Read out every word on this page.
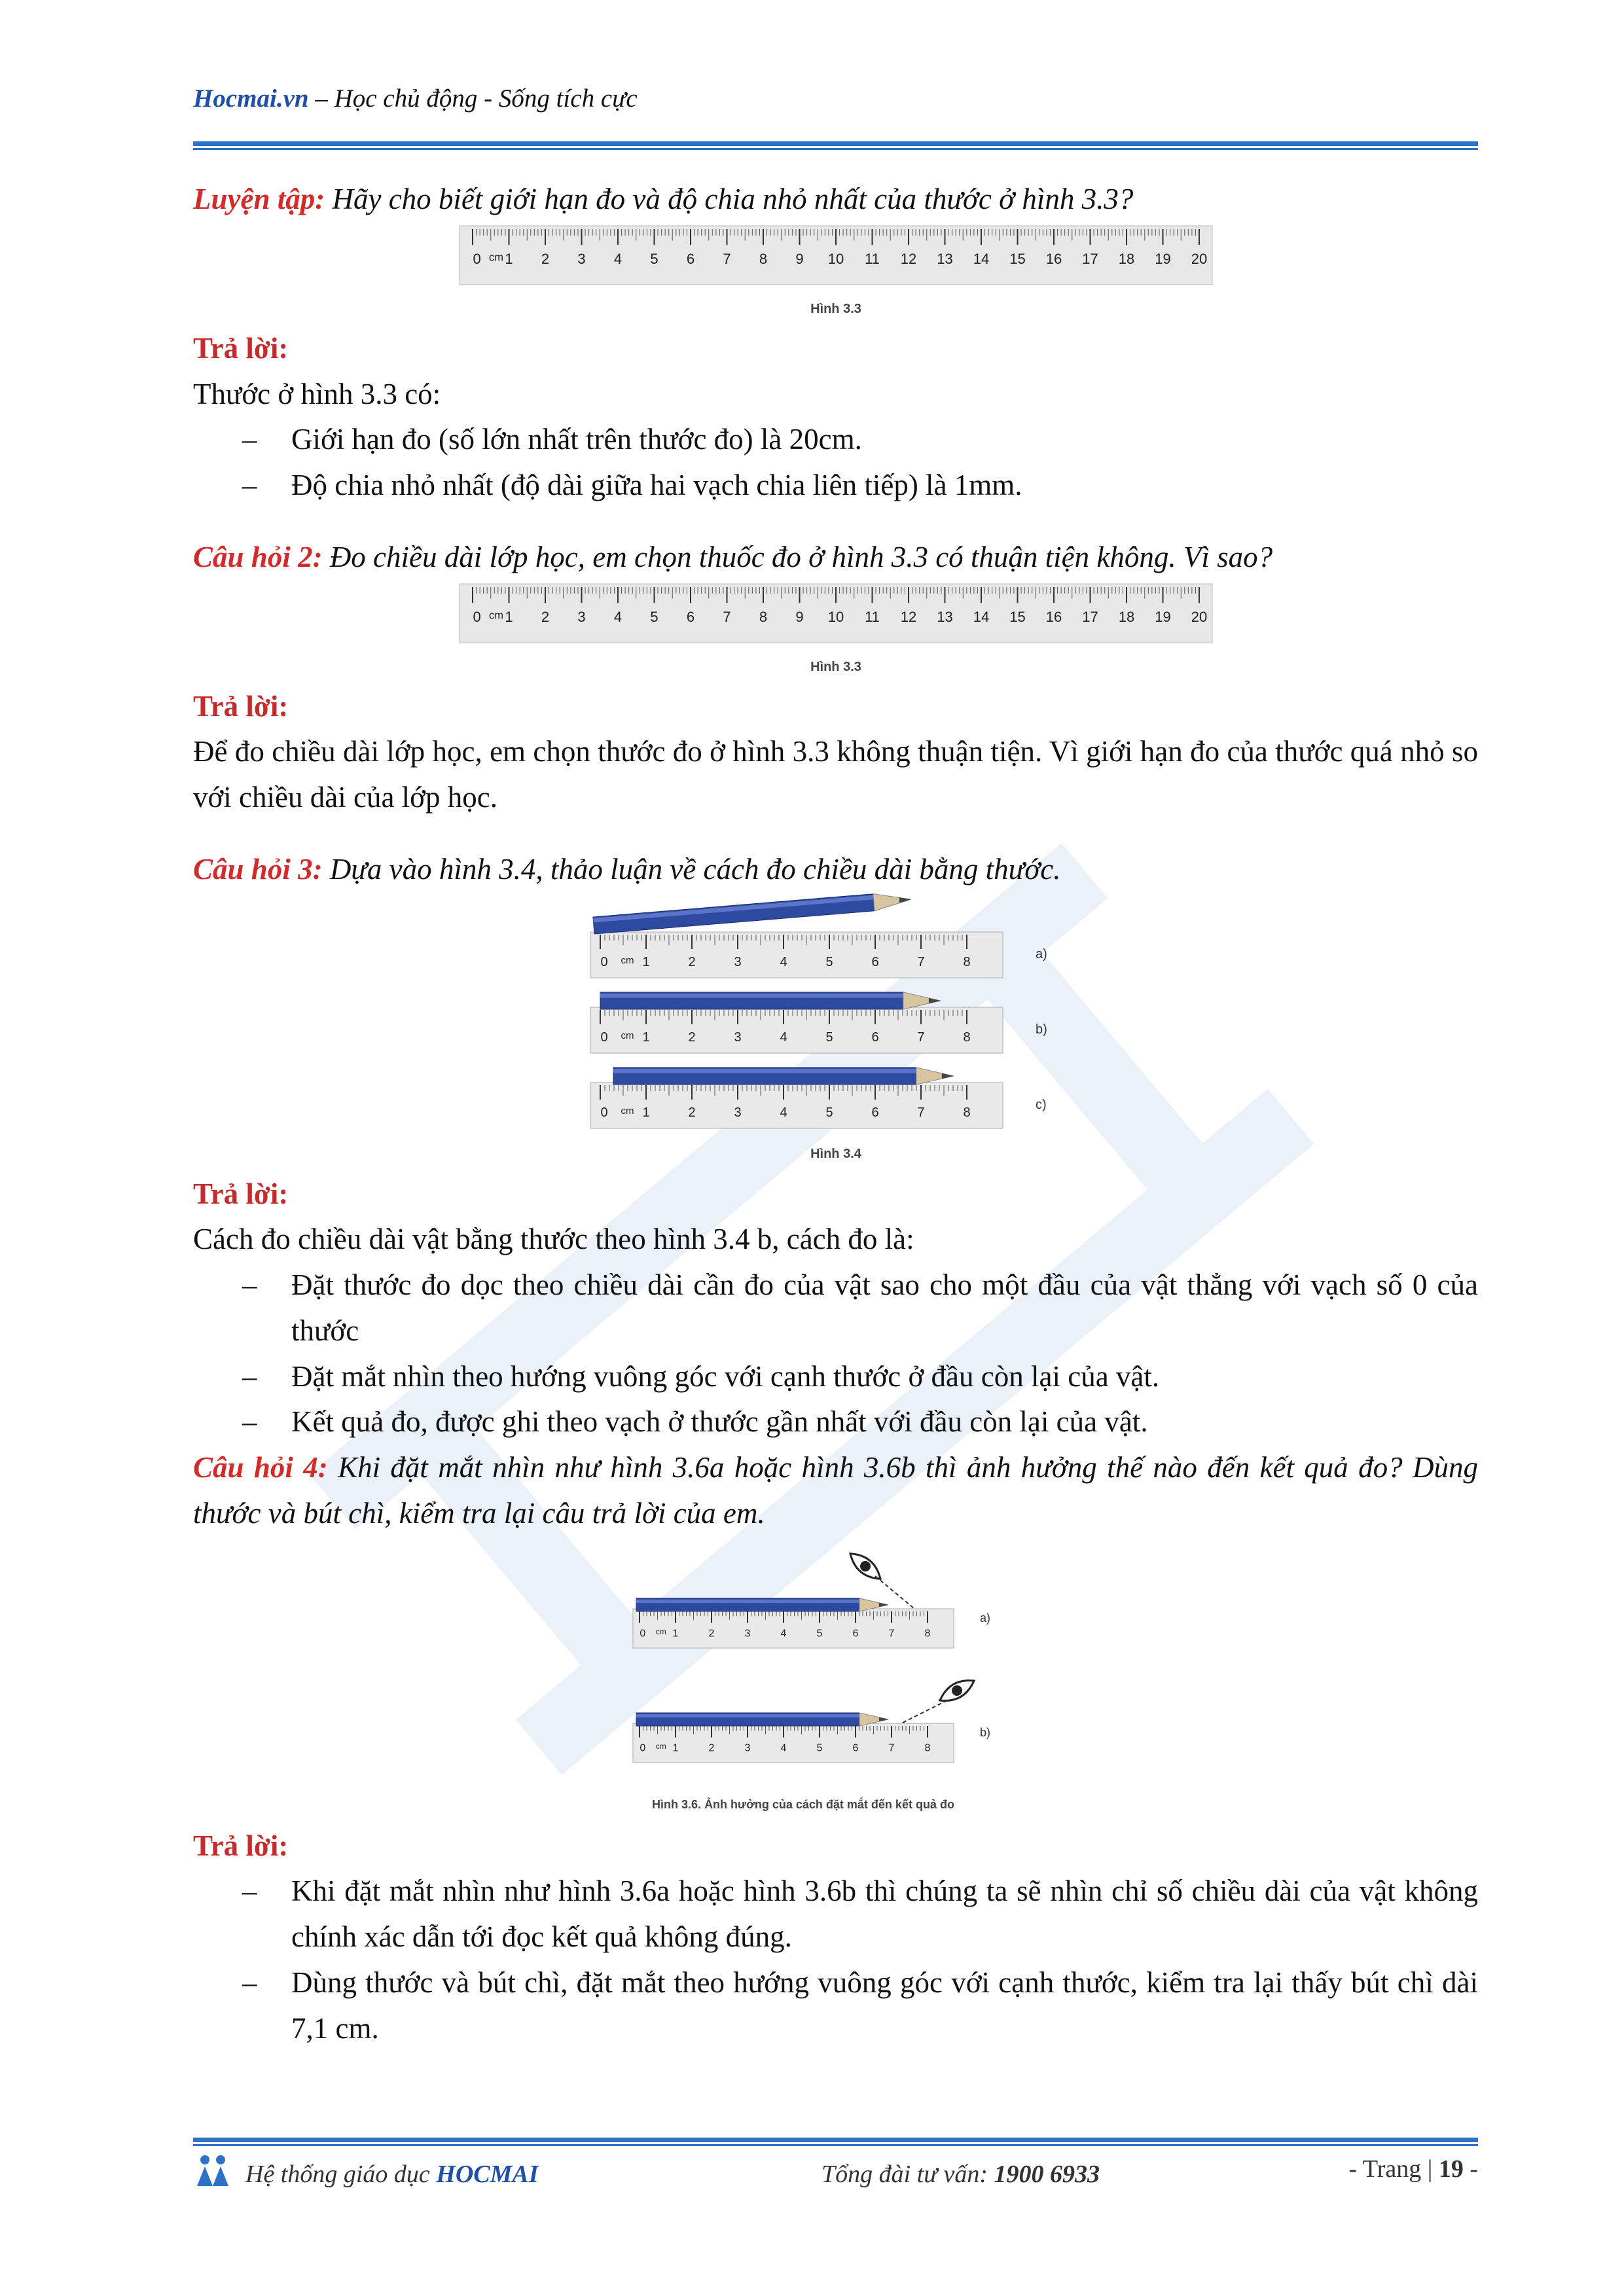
Hocmai.vn – Học chủ động - Sống tích cực

Luyện tập: Hãy cho biết giới hạn đo và độ chia nhỏ nhất của thước ở hình 3.3?

0 1 2 3 4 5 6 7 8 9 10 11 12 13 14 15 16 17 18 19 20
cm
Hình 3.3

Trả lời:

Thước ở hình 3.3 có:

–	Giới hạn đo (số lớn nhất trên thước đo) là 20cm.
–	Độ chia nhỏ nhất (độ dài giữa hai vạch chia liên tiếp) là 1mm.

Câu hỏi 2: Đo chiều dài lớp học, em chọn thuốc đo ở hình 3.3 có thuận tiện không. Vì sao?

0 1 2 3 4 5 6 7 8 9 10 11 12 13 14 15 16 17 18 19 20
cm
Hình 3.3

Trả lời:

Để đo chiều dài lớp học, em chọn thước đo ở hình 3.3 không thuận tiện. Vì giới hạn đo của thước quá nhỏ so với chiều dài của lớp học.

Câu hỏi 3: Dựa vào hình 3.4, thảo luận về cách đo chiều dài bằng thước.

Hình 3.4
0	1	2	3	4	5	6	7	8
cm	a)
0	1	2	3	4	5	6	7	8
cm	b)
0	1	2	3	4	5	6	7	8
cm	c)

Trả lời:

Cách đo chiều dài vật bằng thước theo hình 3.4 b, cách đo là:

–	Đặt thước đo dọc theo chiều dài cần đo của vật sao cho một đầu của vật thẳng với vạch số 0 của thước
–	Đặt mắt nhìn theo hướng vuông góc với cạnh thước ở đầu còn lại của vật.
–	Kết quả đo, được ghi theo vạch ở thước gần nhất với đầu còn lại của vật.

Câu hỏi 4: Khi đặt mắt nhìn như hình 3.6a hoặc hình 3.6b thì ảnh hưởng thế nào đến kết quả đo? Dùng thước và bút chì, kiểm tra lại câu trả lời của em.

Hình 3.6. Ảnh hưởng của cách đặt mắt đến kết quả đo
0	1	2	3	4	5	6	7	8
cm
a)
0	1	2	3	4	5	6	7	8
cm
b)

Trả lời:

–	Khi đặt mắt nhìn như hình 3.6a hoặc hình 3.6b thì chúng ta sẽ nhìn chỉ số chiều dài của vật không chính xác dẫn tới đọc kết quả không đúng.
–	Dùng thước và bút chì, đặt mắt theo hướng vuông góc với cạnh thước, kiểm tra lại thấy bút chì dài 7,1 cm.
Hệ thống giáo dục HOCMAI	Tổng đài tư vấn: 1900 6933	- Trang | 19 -
